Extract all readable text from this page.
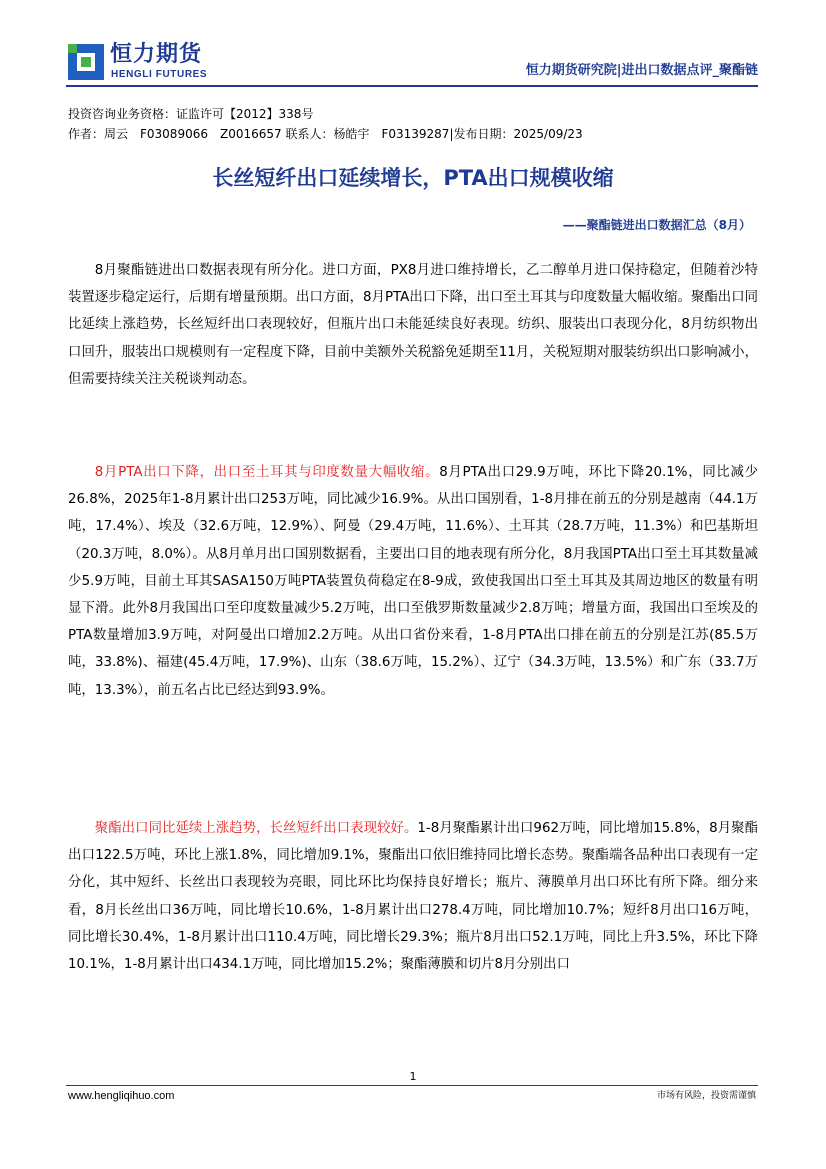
恒力期货
HENGLI FUTURES	恒力期货研究院|进出口数据点评_聚酯链
投资咨询业务资格：证监许可【2012】338号
作者：周云　F03089066　Z0016657 联系人：杨皓宇　F03139287|发布日期：2025/09/23
长丝短纤出口延续增长，PTA出口规模收缩
——聚酯链进出口数据汇总（8月）

8月聚酯链进出口数据表现有所分化。进口方面，PX8月进口维持增长，乙二醇单月进口保持稳定，但随着沙特装置逐步稳定运行，后期有增量预期。出口方面，8月PTA出口下降，出口至土耳其与印度数量大幅收缩。聚酯出口同比延续上涨趋势，长丝短纤出口表现较好，但瓶片出口未能延续良好表现。纺织、服装出口表现分化，8月纺织物出口回升，服装出口规模则有一定程度下降，目前中美额外关税豁免延期至11月，关税短期对服装纺织出口影响减小，但需要持续关注关税谈判动态。

8月PTA出口下降，出口至土耳其与印度数量大幅收缩。8月PTA出口29.9万吨，环比下降20.1%，同比减少26.8%，2025年1-8月累计出口253万吨，同比减少16.9%。从出口国别看，1-8月排在前五的分别是越南（44.1万吨，17.4%）、埃及（32.6万吨，12.9%）、阿曼（29.4万吨，11.6%）、土耳其（28.7万吨，11.3%）和巴基斯坦（20.3万吨，8.0%）。从8月单月出口国别数据看，主要出口目的地表现有所分化，8月我国PTA出口至土耳其数量减少5.9万吨，目前土耳其SASA150万吨PTA装置负荷稳定在8-9成，致使我国出口至土耳其及其周边地区的数量有明显下滑。此外8月我国出口至印度数量减少5.2万吨，出口至俄罗斯数量减少2.8万吨；增量方面，我国出口至埃及的PTA数量增加3.9万吨，对阿曼出口增加2.2万吨。从出口省份来看，1-8月PTA出口排在前五的分别是江苏(85.5万吨，33.8%)、福建(45.4万吨，17.9%)、山东（38.6万吨，15.2%）、辽宁（34.3万吨，13.5%）和广东（33.7万吨，13.3%），前五名占比已经达到93.9%。

聚酯出口同比延续上涨趋势，长丝短纤出口表现较好。1-8月聚酯累计出口962万吨，同比增加15.8%，8月聚酯出口122.5万吨，环比上涨1.8%，同比增加9.1%，聚酯出口依旧维持同比增长态势。聚酯端各品种出口表现有一定分化，其中短纤、长丝出口表现较为亮眼，同比环比均保持良好增长；瓶片、薄膜单月出口环比有所下降。细分来看，8月长丝出口36万吨，同比增长10.6%，1-8月累计出口278.4万吨，同比增加10.7%；短纤8月出口16万吨，同比增长30.4%，1-8月累计出口110.4万吨，同比增长29.3%；瓶片8月出口52.1万吨，同比上升3.5%，环比下降10.1%，1-8月累计出口434.1万吨，同比增加15.2%；聚酯薄膜和切片8月分别出口

1
www.hengliqihuo.com	市场有风险，投资需谨慎
